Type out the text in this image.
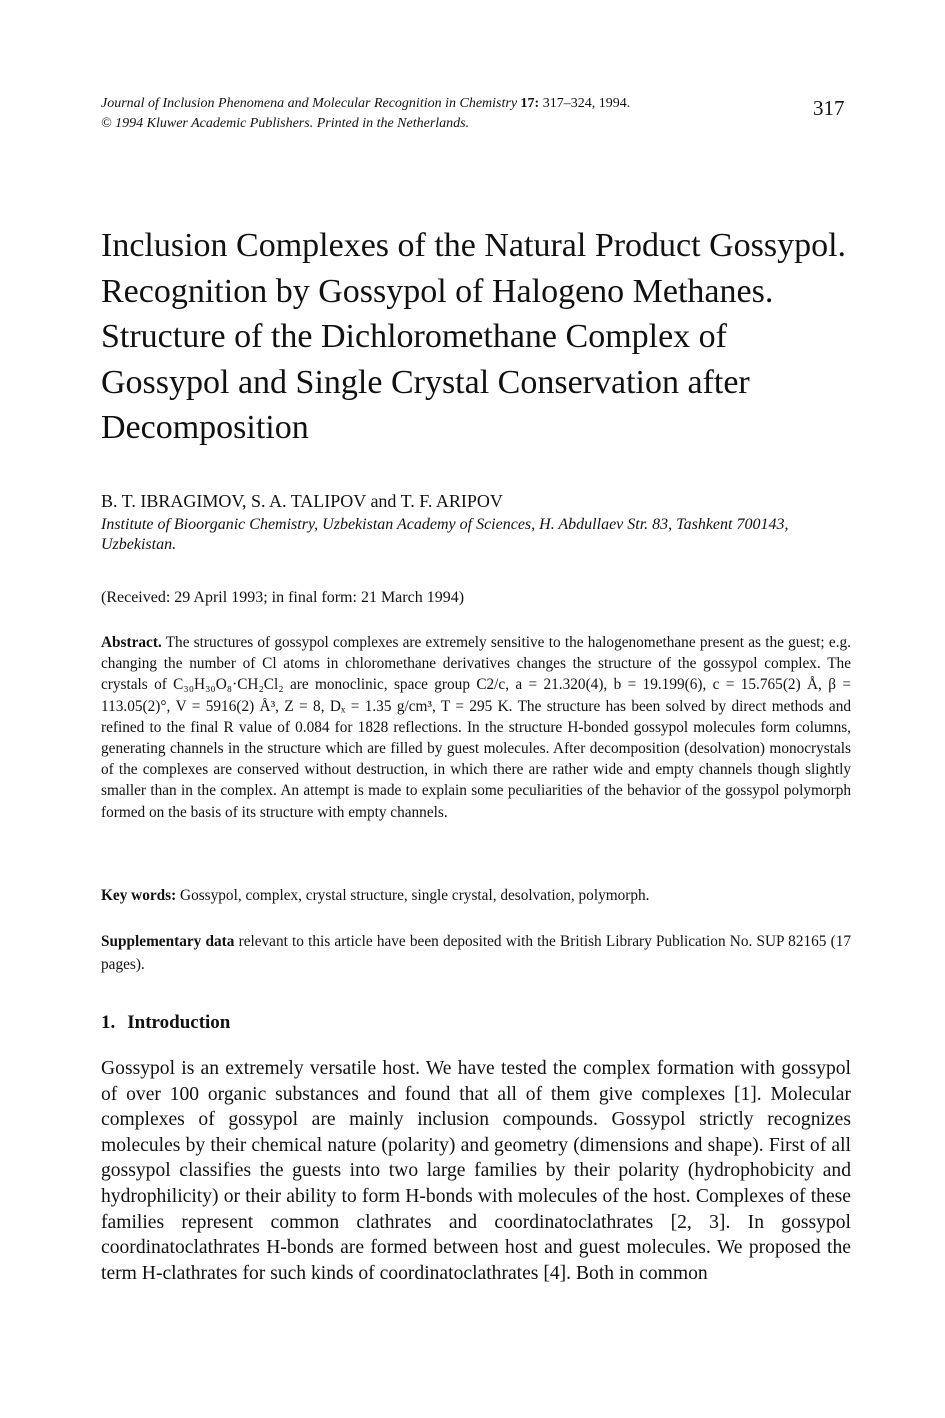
Journal of Inclusion Phenomena and Molecular Recognition in Chemistry 17: 317–324, 1994.
© 1994 Kluwer Academic Publishers. Printed in the Netherlands.
317
Inclusion Complexes of the Natural Product Gossypol. Recognition by Gossypol of Halogeno Methanes. Structure of the Dichloromethane Complex of Gossypol and Single Crystal Conservation after Decomposition
B. T. IBRAGIMOV, S. A. TALIPOV and T. F. ARIPOV
Institute of Bioorganic Chemistry, Uzbekistan Academy of Sciences, H. Abdullaev Str. 83, Tashkent 700143, Uzbekistan.
(Received: 29 April 1993; in final form: 21 March 1994)

Abstract. The structures of gossypol complexes are extremely sensitive to the halogenomethane present as the guest; e.g. changing the number of Cl atoms in chloromethane derivatives changes the structure of the gossypol complex. The crystals of C₃₀H₃₀O₈·CH₂Cl₂ are monoclinic, space group C2/c, a = 21.320(4), b = 19.199(6), c = 15.765(2) Å, β = 113.05(2)°, V = 5916(2) Å³, Z = 8, Dₓ = 1.35 g/cm³, T = 295 K. The structure has been solved by direct methods and refined to the final R value of 0.084 for 1828 reflections. In the structure H-bonded gossypol molecules form columns, generating channels in the structure which are filled by guest molecules. After decomposition (desolvation) monocrystals of the complexes are conserved without destruction, in which there are rather wide and empty channels though slightly smaller than in the complex. An attempt is made to explain some peculiarities of the behavior of the gossypol polymorph formed on the basis of its structure with empty channels.

Key words: Gossypol, complex, crystal structure, single crystal, desolvation, polymorph.

Supplementary data relevant to this article have been deposited with the British Library Publication No. SUP 82165 (17 pages).

1. Introduction

Gossypol is an extremely versatile host. We have tested the complex formation with gossypol of over 100 organic substances and found that all of them give complexes [1]. Molecular complexes of gossypol are mainly inclusion compounds. Gossypol strictly recognizes molecules by their chemical nature (polarity) and geometry (dimensions and shape). First of all gossypol classifies the guests into two large families by their polarity (hydrophobicity and hydrophilicity) or their ability to form H-bonds with molecules of the host. Complexes of these families represent common clathrates and coordinatoclathrates [2, 3]. In gossypol coordinatoclathrates H-bonds are formed between host and guest molecules. We proposed the term H-clathrates for such kinds of coordinatoclathrates [4]. Both in common
